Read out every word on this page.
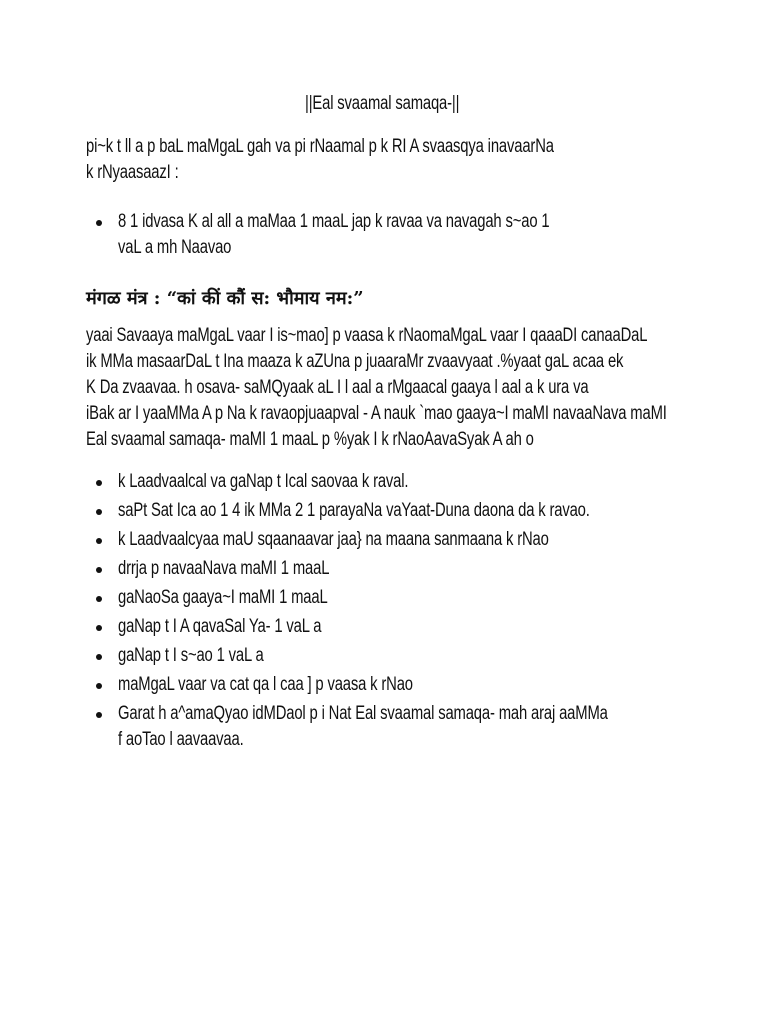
||Eal svaamal samaqa-||
pi~k t ll a p baL maMgaL gah va pi rNaamal p k RI A svaasqya inavaarNa
k rNyaasaazI :
8 1 idvasa K al all a maMaa 1 maaL jap k ravaa va navagah s~ao 1
vaL a mh Naavao
मंगळ मंत्र : “कां कीं कौं स: भौमाय नम:”
yaai Savaaya maMgaL vaar I is~mao] p vaasa k rNaomaMgaL vaar I qaaaDI canaaDaL
ik MMa masaarDaL t Ina maaza k aZUna p juaaraMr zvaavyaat .%yaat gaL acaa ek
K Da zvaavaa. h osava- saMQyaak aL I l aal a rMgaacal gaaya l aal a k ura va
iBak ar I yaaMMa A p Na k ravaopjuaapval - A nauk `mao gaaya~I maMI navaaNava maMI
Eal svaamal samaqa- maMI 1 maaL p %yak I k rNaoAavaSyak A ah o
k Laadvaalcal va gaNap t Ical saovaa k raval.
saPt Sat Ica ao 1 4 ik MMa 2 1 parayaNa vaYaat-Duna daona da k ravao.
k Laadvaalcyaa maU sqaanaavar jaa} na maana sanmaana k rNao
drrja p navaaNava maMI 1 maaL
gaNaoSa gaaya~I maMI 1 maaL
gaNap t I A qavaSal Ya- 1 vaL a
gaNap t I s~ao 1 vaL a
maMgaL vaar va cat qa l caa ] p vaasa k rNao
Garat h a^amaQyao idMDaol p i Nat Eal svaamal samaqa- mah araj aaMMa
f aoTao l aavaavaa.
